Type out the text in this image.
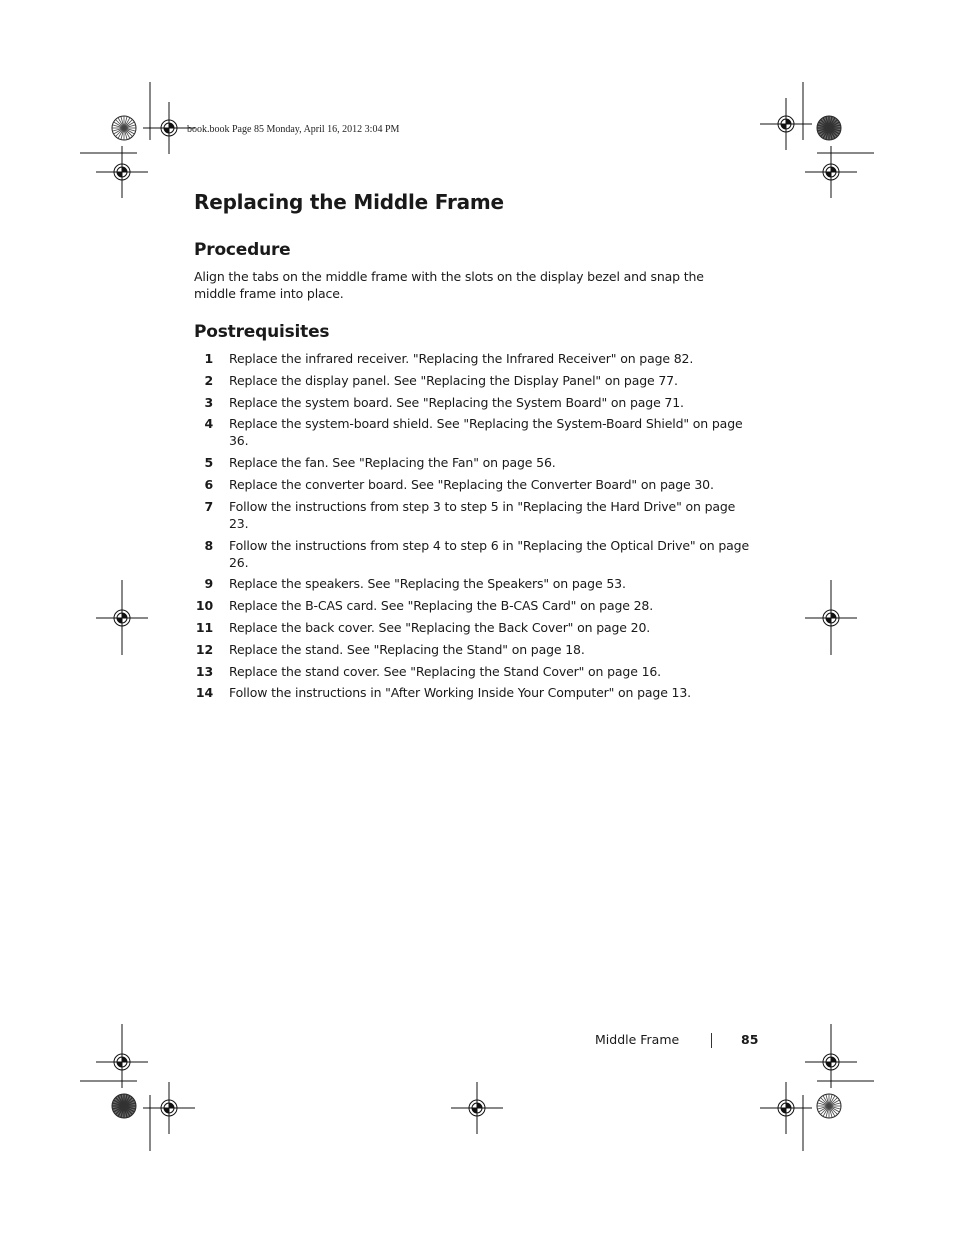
book.book Page 85 Monday, April 16, 2012 3:04 PM
Replacing the Middle Frame
Procedure

Align the tabs on the middle frame with the slots on the display bezel and snap the middle frame into place.

Postrequisites
1 Replace the infrared receiver. "Replacing the Infrared Receiver" on page 82.
2 Replace the display panel. See "Replacing the Display Panel" on page 77.
3 Replace the system board. See "Replacing the System Board" on page 71.
4 Replace the system-board shield. See "Replacing the System-Board Shield" on page 36.
5 Replace the fan. See "Replacing the Fan" on page 56.
6 Replace the converter board. See "Replacing the Converter Board" on page 30.
7 Follow the instructions from step 3 to step 5 in "Replacing the Hard Drive" on page 23.
8 Follow the instructions from step 4 to step 6 in "Replacing the Optical Drive" on page 26.
9 Replace the speakers. See "Replacing the Speakers" on page 53.
10 Replace the B-CAS card. See "Replacing the B-CAS Card" on page 28.
11 Replace the back cover. See "Replacing the Back Cover" on page 20.
12 Replace the stand. See "Replacing the Stand" on page 18.
13 Replace the stand cover. See "Replacing the Stand Cover" on page 16.
14 Follow the instructions in "After Working Inside Your Computer" on page 13.
Middle Frame	85
